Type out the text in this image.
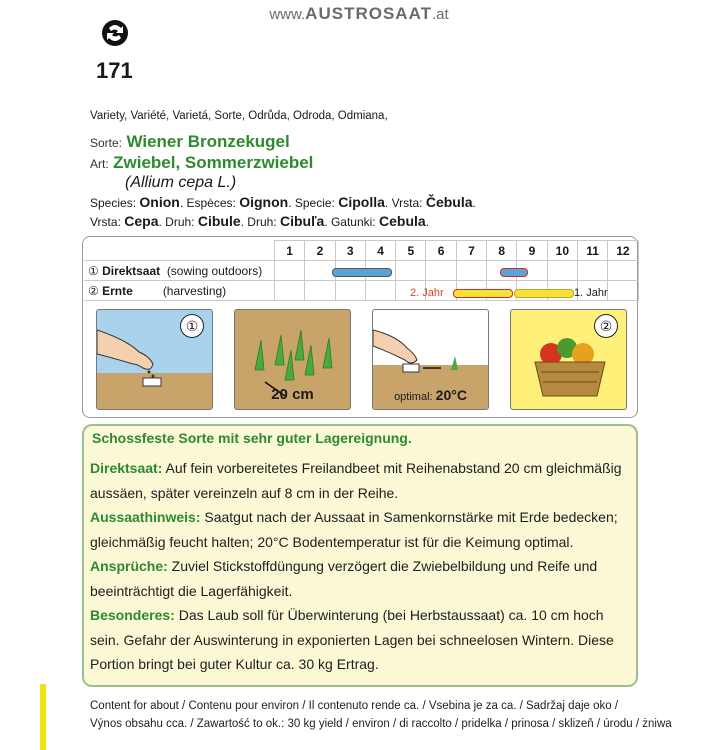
www.AUSTROSAAT.at
171
Variety, Variété, Varietá, Sorte, Odrůda, Odroda, Odmiana,
Sorte: Wiener Bronzekugel
Art: Zwiebel, Sommerzwiebel
(Allium cepa L.)
Species: Onion. Espèces: Oignon. Specie: Cipolla. Vrsta: Čebula.
Vrsta: Cepa. Druh: Cibule. Druh: Cibuľa. Gatunki: Cebula.
	1	2	3	4	5	6	7	8	9	10	11	12
① Direktsaat (sowing outdoors)												
② Ernte (harvesting)													2. Jahr	1. Jahr
①
20 cm	optimal: 20°C
②
Schossfeste Sorte mit sehr guter Lagereignung.
Direktsaat: Auf fein vorbereitetes Freilandbeet mit Reihenabstand 20 cm gleichmäßig aussäen, später vereinzeln auf 8 cm in der Reihe.
Aussaathinweis: Saatgut nach der Aussaat in Samenkornstärke mit Erde bedecken; gleichmäßig feucht halten; 20°C Bodentemperatur ist für die Keimung optimal. Ansprüche: Zuviel Stickstoffdüngung verzögert die Zwiebelbildung und Reife und beeinträchtigt die Lagerfähigkeit.
Besonderes: Das Laub soll für Überwinterung (bei Herbstaussaat) ca. 10 cm hoch sein. Gefahr der Auswinterung in exponierten Lagen bei schneelosen Wintern. Diese Portion bringt bei guter Kultur ca. 30 kg Ertrag.
Content for about / Contenu pour environ / Il contenuto rende ca. / Vsebina je za ca. / Sadržaj daje oko /
Výnos obsahu cca. / Zawartość to ok.: 30 kg yield / environ / di raccolto / pridelka / prinosa / sklizeň / úrodu / żniwa
